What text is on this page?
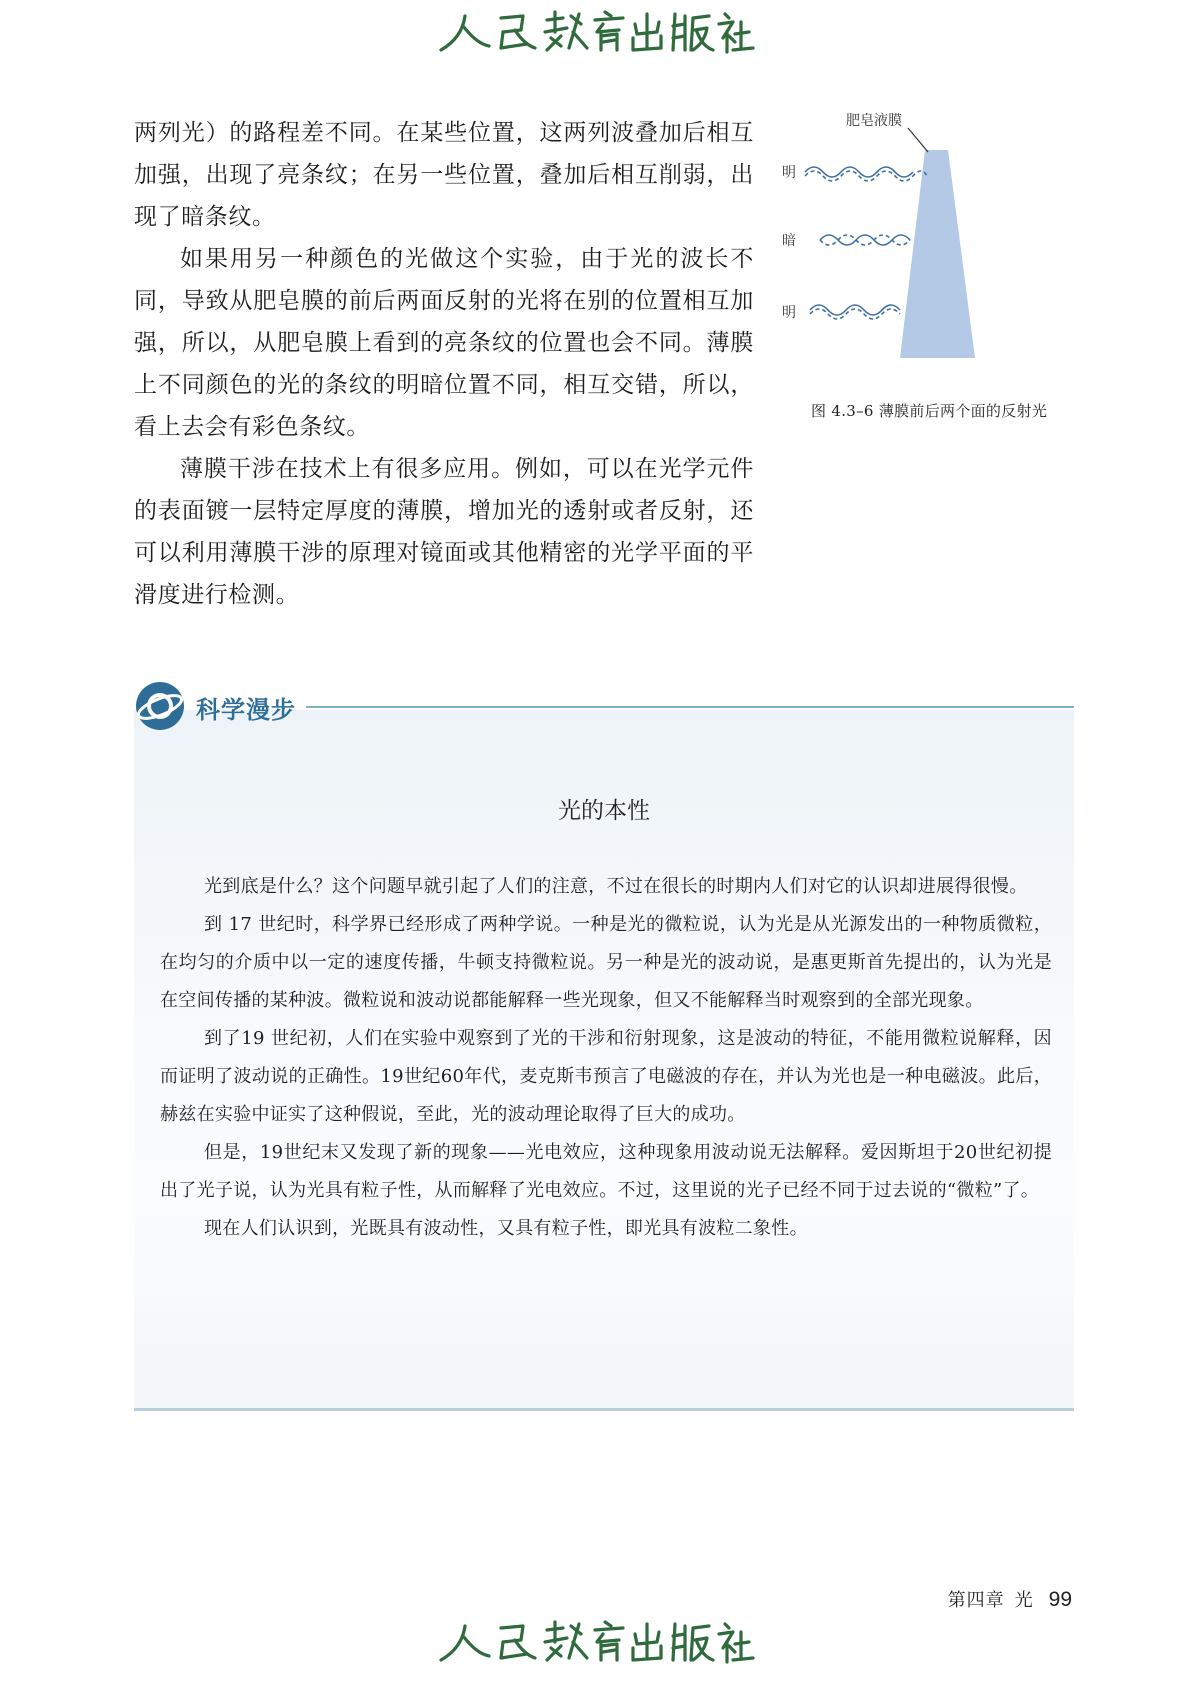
两列光）的路程差不同。在某些位置，这两列波叠加后相互加强，出现了亮条纹；在另一些位置，叠加后相互削弱，出现了暗条纹。

如果用另一种颜色的光做这个实验，由于光的波长不同，导致从肥皂膜的前后两面反射的光将在别的位置相互加强，所以，从肥皂膜上看到的亮条纹的位置也会不同。薄膜上不同颜色的光的条纹的明暗位置不同，相互交错，所以，看上去会有彩色条纹。

薄膜干涉在技术上有很多应用。例如，可以在光学元件的表面镀一层特定厚度的薄膜，增加光的透射或者反射，还可以利用薄膜干涉的原理对镜面或其他精密的光学平面的平滑度进行检测。

肥皂液膜
明
暗
明
图 4.3–6 薄膜前后两个面的反射光
光的本性

光到底是什么？这个问题早就引起了人们的注意，不过在很长的时期内人们对它的认识却进展得很慢。

到 17 世纪时，科学界已经形成了两种学说。一种是光的微粒说，认为光是从光源发出的一种物质微粒，在均匀的介质中以一定的速度传播，牛顿支持微粒说。另一种是光的波动说，是惠更斯首先提出的，认为光是在空间传播的某种波。微粒说和波动说都能解释一些光现象，但又不能解释当时观察到的全部光现象。

到了19 世纪初，人们在实验中观察到了光的干涉和衍射现象，这是波动的特征，不能用微粒说解释，因而证明了波动说的正确性。19世纪60年代，麦克斯韦预言了电磁波的存在，并认为光也是一种电磁波。此后，赫兹在实验中证实了这种假说，至此，光的波动理论取得了巨大的成功。

但是，19世纪末又发现了新的现象——光电效应，这种现象用波动说无法解释。爱因斯坦于20世纪初提出了光子说，认为光具有粒子性，从而解释了光电效应。不过，这里说的光子已经不同于过去说的“微粒”了。

现在人们认识到，光既具有波动性，又具有粒子性，即光具有波粒二象性。

科学漫步
第四章 光 99
